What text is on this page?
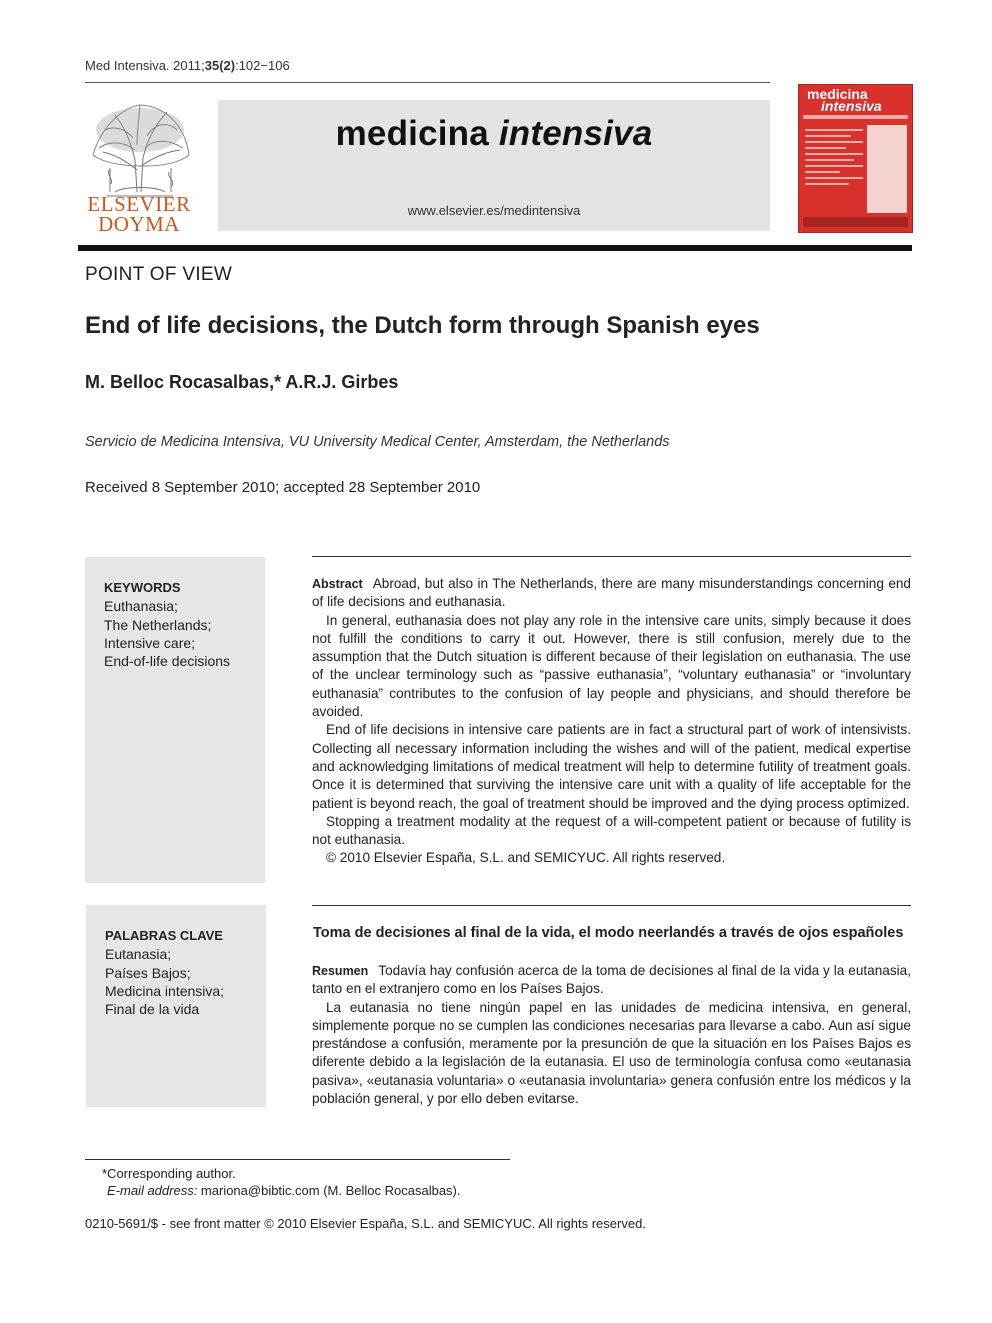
Med Intensiva. 2011;35(2):102−106
ELSEVIER
DOYMA
medicina intensiva
www.elsevier.es/medintensiva
medicina
intensiva
POINT OF VIEW
End of life decisions, the Dutch form through Spanish eyes
M. Belloc Rocasalbas,* A.R.J. Girbes
Servicio de Medicina Intensiva, VU University Medical Center, Amsterdam, the Netherlands
Received 8 September 2010; accepted 28 September 2010
KEYWORDS
Euthanasia;
The Netherlands;
Intensive care;
End-of-life decisions

Abstract Abroad, but also in The Netherlands, there are many misunderstandings concerning end of life decisions and euthanasia.

In general, euthanasia does not play any role in the intensive care units, simply because it does not fulfill the conditions to carry it out. However, there is still confusion, merely due to the assumption that the Dutch situation is different because of their legislation on euthanasia. The use of the unclear terminology such as “passive euthanasia”, “voluntary euthanasia” or “involuntary euthanasia” contributes to the confusion of lay people and physicians, and should therefore be avoided.

End of life decisions in intensive care patients are in fact a structural part of work of intensivists. Collecting all necessary information including the wishes and will of the patient, medical expertise and acknowledging limitations of medical treatment will help to determine futility of treatment goals. Once it is determined that surviving the intensive care unit with a quality of life acceptable for the patient is beyond reach, the goal of treatment should be improved and the dying process optimized.

Stopping a treatment modality at the request of a will-competent patient or because of futility is not euthanasia.

© 2010 Elsevier España, S.L. and SEMICYUC. All rights reserved.

PALABRAS CLAVE
Eutanasia;
Países Bajos;
Medicina intensiva;
Final de la vida
Toma de decisiones al final de la vida, el modo neerlandés a través de ojos españoles

Resumen Todavía hay confusión acerca de la toma de decisiones al final de la vida y la eutanasia, tanto en el extranjero como en los Países Bajos.

La eutanasia no tiene ningún papel en las unidades de medicina intensiva, en general, simplemente porque no se cumplen las condiciones necesarias para llevarse a cabo. Aun así sigue prestándose a confusión, meramente por la presunción de que la situación en los Países Bajos es diferente debido a la legislación de la eutanasia. El uso de terminología confusa como «eutanasia pasiva», «eutanasia voluntaria» o «eutanasia involuntaria» genera confusión entre los médicos y la población general, y por ello deben evitarse.

*Corresponding author.
E-mail address: mariona@bibtic.com (M. Belloc Rocasalbas).
0210-5691/$ - see front matter © 2010 Elsevier España, S.L. and SEMICYUC. All rights reserved.
